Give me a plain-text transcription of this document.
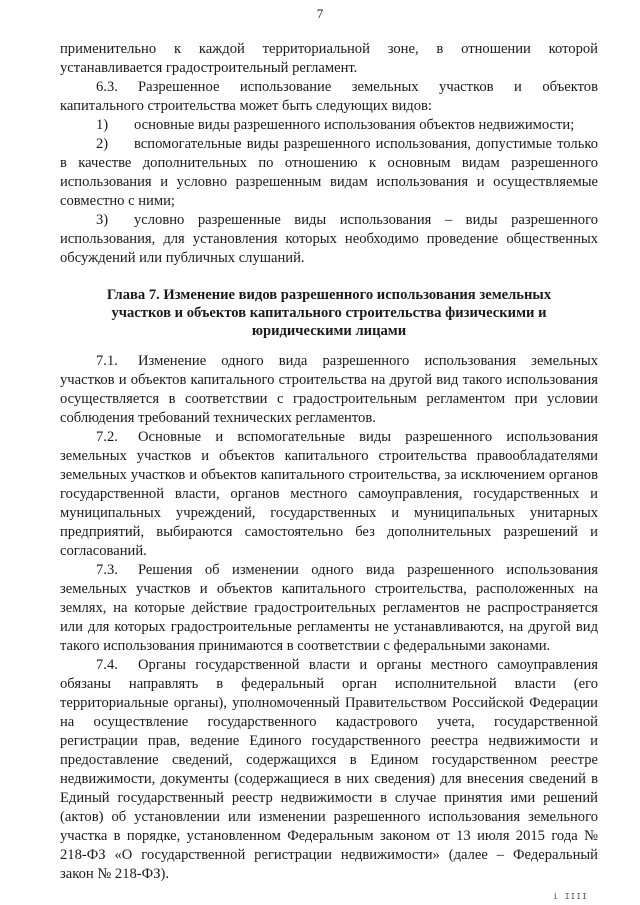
7

применительно к каждой территориальной зоне, в отношении которой устанавливается градостроительный регламент.

6.3. Разрешенное использование земельных участков и объектов капитального строительства может быть следующих видов:

1) основные виды разрешенного использования объектов недвижимости;

2) вспомогательные виды разрешенного использования, допустимые только в качестве дополнительных по отношению к основным видам разрешенного использования и условно разрешенным видам использования и осуществляемые совместно с ними;

3) условно разрешенные виды использования – виды разрешенного использования, для установления которых необходимо проведение общественных обсуждений или публичных слушаний.

Глава 7. Изменение видов разрешенного использования земельных участков и объектов капитального строительства физическими и юридическими лицами

7.1. Изменение одного вида разрешенного использования земельных участков и объектов капитального строительства на другой вид такого использования осуществляется в соответствии с градостроительным регламентом при условии соблюдения требований технических регламентов.

7.2. Основные и вспомогательные виды разрешенного использования земельных участков и объектов капитального строительства правообладателями земельных участков и объектов капитального строительства, за исключением органов государственной власти, органов местного самоуправления, государственных и муниципальных учреждений, государственных и муниципальных унитарных предприятий, выбираются самостоятельно без дополнительных разрешений и согласований.

7.3. Решения об изменении одного вида разрешенного использования земельных участков и объектов капитального строительства, расположенных на землях, на которые действие градостроительных регламентов не распространяется или для которых градостроительные регламенты не устанавливаются, на другой вид такого использования принимаются в соответствии с федеральными законами.

7.4. Органы государственной власти и органы местного самоуправления обязаны направлять в федеральный орган исполнительной власти (его территориальные органы), уполномоченный Правительством Российской Федерации на осуществление государственного кадастрового учета, государственной регистрации прав, ведение Единого государственного реестра недвижимости и предоставление сведений, содержащихся в Едином государственном реестре недвижимости, документы (содержащиеся в них сведения) для внесения сведений в Единый государственный реестр недвижимости в случае принятия ими решений (актов) об установлении или изменении разрешенного использования земельного участка в порядке, установленном Федеральным законом от 13 июля 2015 года № 218-ФЗ «О государственной регистрации недвижимости» (далее – Федеральный закон № 218-ФЗ).

i IIII
